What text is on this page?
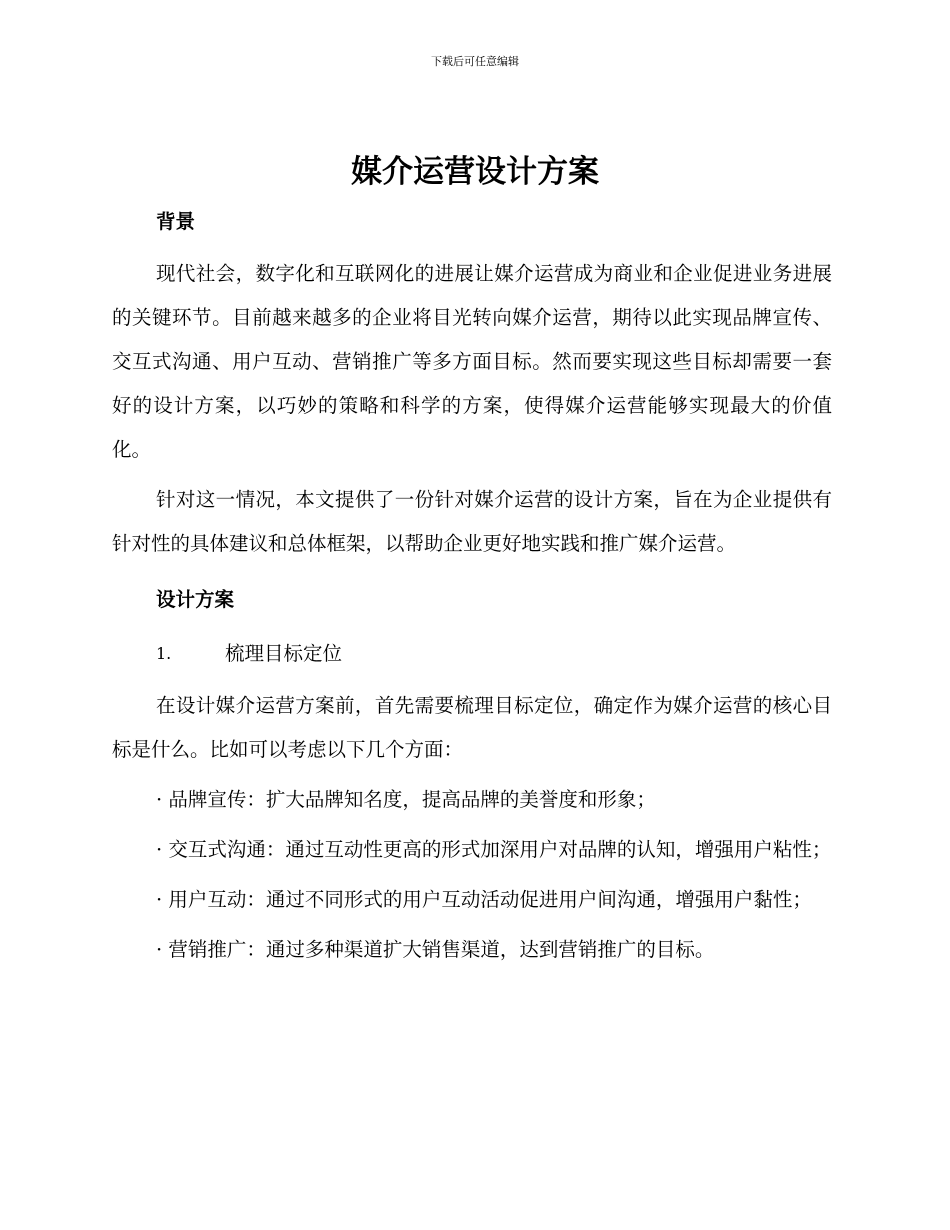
下载后可任意编辑
媒介运营设计方案

背景

现代社会，数字化和互联网化的进展让媒介运营成为商业和企业促进业务进展的关键环节。目前越来越多的企业将目光转向媒介运营，期待以此实现品牌宣传、交互式沟通、用户互动、营销推广等多方面目标。然而要实现这些目标却需要一套好的设计方案，以巧妙的策略和科学的方案，使得媒介运营能够实现最大的价值化。

针对这一情况，本文提供了一份针对媒介运营的设计方案，旨在为企业提供有针对性的具体建议和总体框架，以帮助企业更好地实践和推广媒介运营。

设计方案

1.	梳理目标定位

在设计媒介运营方案前，首先需要梳理目标定位，确定作为媒介运营的核心目标是什么。比如可以考虑以下几个方面：

· 品牌宣传：扩大品牌知名度，提高品牌的美誉度和形象；

· 交互式沟通：通过互动性更高的形式加深用户对品牌的认知，增强用户粘性；

· 用户互动：通过不同形式的用户互动活动促进用户间沟通，增强用户黏性；

· 营销推广：通过多种渠道扩大销售渠道，达到营销推广的目标。
